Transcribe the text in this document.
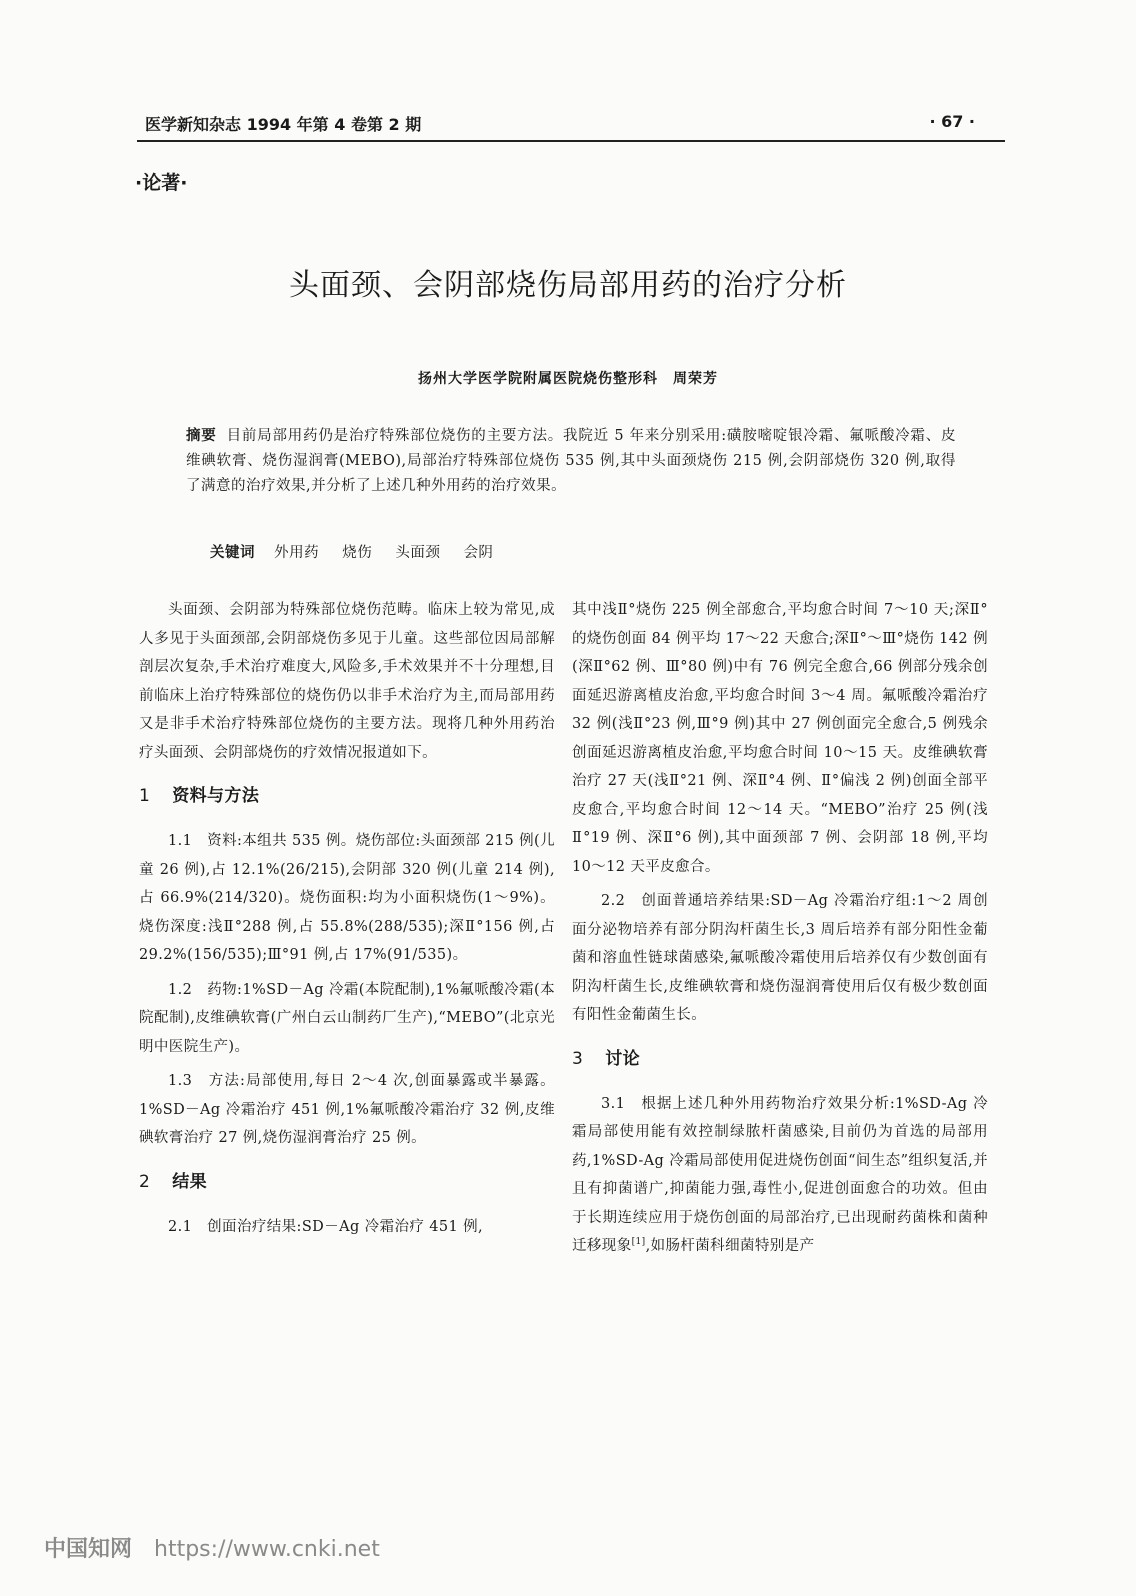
医学新知杂志 1994 年第 4 卷第 2 期	· 67 ·
·论著·
头面颈、会阴部烧伤局部用药的治疗分析
扬州大学医学院附属医院烧伤整形科　周荣芳
摘要 目前局部用药仍是治疗特殊部位烧伤的主要方法。我院近 5 年来分别采用:磺胺嘧啶银冷霜、氟哌酸冷霜、皮维碘软膏、烧伤湿润膏(MEBO),局部治疗特殊部位烧伤 535 例,其中头面颈烧伤 215 例,会阴部烧伤 320 例,取得了满意的治疗效果,并分析了上述几种外用药的治疗效果。
关键词 外用药 烧伤 头面颈 会阴

头面颈、会阴部为特殊部位烧伤范畴。临床上较为常见,成人多见于头面颈部,会阴部烧伤多见于儿童。这些部位因局部解剖层次复杂,手术治疗难度大,风险多,手术效果并不十分理想,目前临床上治疗特殊部位的烧伤仍以非手术治疗为主,而局部用药又是非手术治疗特殊部位烧伤的主要方法。现将几种外用药治疗头面颈、会阴部烧伤的疗效情况报道如下。

1 资料与方法

1.1　资料:本组共 535 例。烧伤部位:头面颈部 215 例(儿童 26 例),占 12.1%(26/215),会阴部 320 例(儿童 214 例),占 66.9%(214/320)。烧伤面积:均为小面积烧伤(1～9%)。烧伤深度:浅Ⅱ°288 例,占 55.8%(288/535);深Ⅱ°156 例,占 29.2%(156/535);Ⅲ°91 例,占 17%(91/535)。

1.2　药物:1%SD－Ag 冷霜(本院配制),1%氟哌酸冷霜(本院配制),皮维碘软膏(广州白云山制药厂生产),“MEBO”(北京光明中医院生产)。

1.3　方法:局部使用,每日 2～4 次,创面暴露或半暴露。1%SD－Ag 冷霜治疗 451 例,1%氟哌酸冷霜治疗 32 例,皮维碘软膏治疗 27 例,烧伤湿润膏治疗 25 例。

2 结果

2.1　创面治疗结果:SD－Ag 冷霜治疗 451 例,

其中浅Ⅱ°烧伤 225 例全部愈合,平均愈合时间 7～10 天;深Ⅱ°的烧伤创面 84 例平均 17～22 天愈合;深Ⅱ°～Ⅲ°烧伤 142 例(深Ⅱ°62 例、Ⅲ°80 例)中有 76 例完全愈合,66 例部分残余创面延迟游离植皮治愈,平均愈合时间 3～4 周。氟哌酸冷霜治疗 32 例(浅Ⅱ°23 例,Ⅲ°9 例)其中 27 例创面完全愈合,5 例残余创面延迟游离植皮治愈,平均愈合时间 10～15 天。皮维碘软膏治疗 27 天(浅Ⅱ°21 例、深Ⅱ°4 例、Ⅱ°偏浅 2 例)创面全部平皮愈合,平均愈合时间 12～14 天。“MEBO”治疗 25 例(浅Ⅱ°19 例、深Ⅱ°6 例),其中面颈部 7 例、会阴部 18 例,平均 10～12 天平皮愈合。

2.2　创面普通培养结果:SD－Ag 冷霜治疗组:1～2 周创面分泌物培养有部分阴沟杆菌生长,3 周后培养有部分阳性金葡菌和溶血性链球菌感染,氟哌酸冷霜使用后培养仅有少数创面有阴沟杆菌生长,皮维碘软膏和烧伤湿润膏使用后仅有极少数创面有阳性金葡菌生长。

3 讨论

3.1　根据上述几种外用药物治疗效果分析:1%SD-Ag 冷霜局部使用能有效控制绿脓杆菌感染,目前仍为首选的局部用药,1%SD-Ag 冷霜局部使用促进烧伤创面“间生态”组织复活,并且有抑菌谱广,抑菌能力强,毒性小,促进创面愈合的功效。但由于长期连续应用于烧伤创面的局部治疗,已出现耐药菌株和菌种迁移现象[1],如肠杆菌科细菌特别是产

中国知网 https://www.cnki.net
